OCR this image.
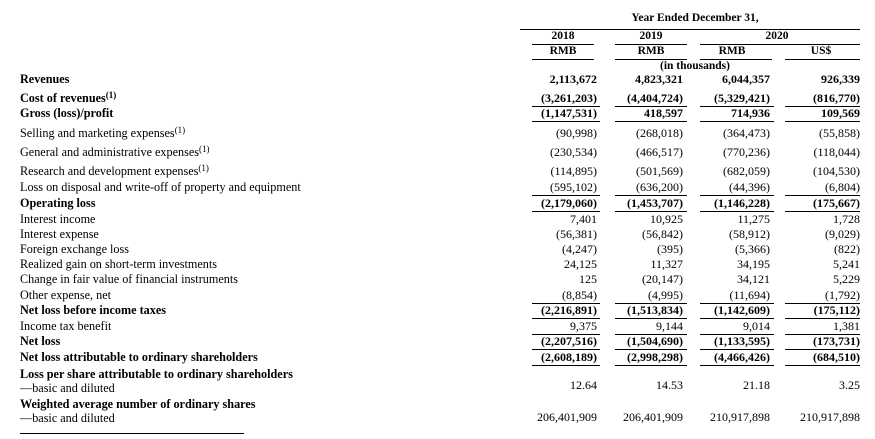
Year Ended December 31,
2018	2019	2020
RMB	RMB	RMB	US$
(in thousands)
Revenues	2,113,672	4,823,321	6,044,357	926,339
Cost of revenues$^{(1)}$	(3,261,203)	(4,404,724)	(5,329,421)	(816,770)
Gross (loss)/profit	(1,147,531)	418,597	714,936	109,569
Selling and marketing expenses$^{(1)}$	(90,998)	(268,018)	(364,473)	(55,858)
General and administrative expenses$^{(1)}$	(230,534)	(466,517)	(770,236)	(118,044)
Research and development expenses$^{(1)}$	(114,895)	(501,569)	(682,059)	(104,530)
Loss on disposal and write-off of property and equipment	(595,102)	(636,200)	(44,396)	(6,804)
Operating loss	(2,179,060)	(1,453,707)	(1,146,228)	(175,667)
Interest income	7,401	10,925	11,275	1,728
Interest expense	(56,381)	(56,842)	(58,912)	(9,029)
Foreign exchange loss	(4,247)	(395)	(5,366)	(822)
Realized gain on short-term investments	24,125	11,327	34,195	5,241
Change in fair value of financial instruments	125	(20,147)	34,121	5,229
Other expense, net	(8,854)	(4,995)	(11,694)	(1,792)
Net loss before income taxes	(2,216,891)	(1,513,834)	(1,142,609)	(175,112)
Income tax benefit	9,375	9,144	9,014	1,381
Net loss	(2,207,516)	(1,504,690)	(1,133,595)	(173,731)
Net loss attributable to ordinary shareholders	(2,608,189)	(2,998,298)	(4,466,426)	(684,510)
Loss per share attributable to ordinary shareholders
—basic and diluted	12.64	14.53	21.18	3.25
Weighted average number of ordinary shares
—basic and diluted	206,401,909	206,401,909	210,917,898	210,917,898
